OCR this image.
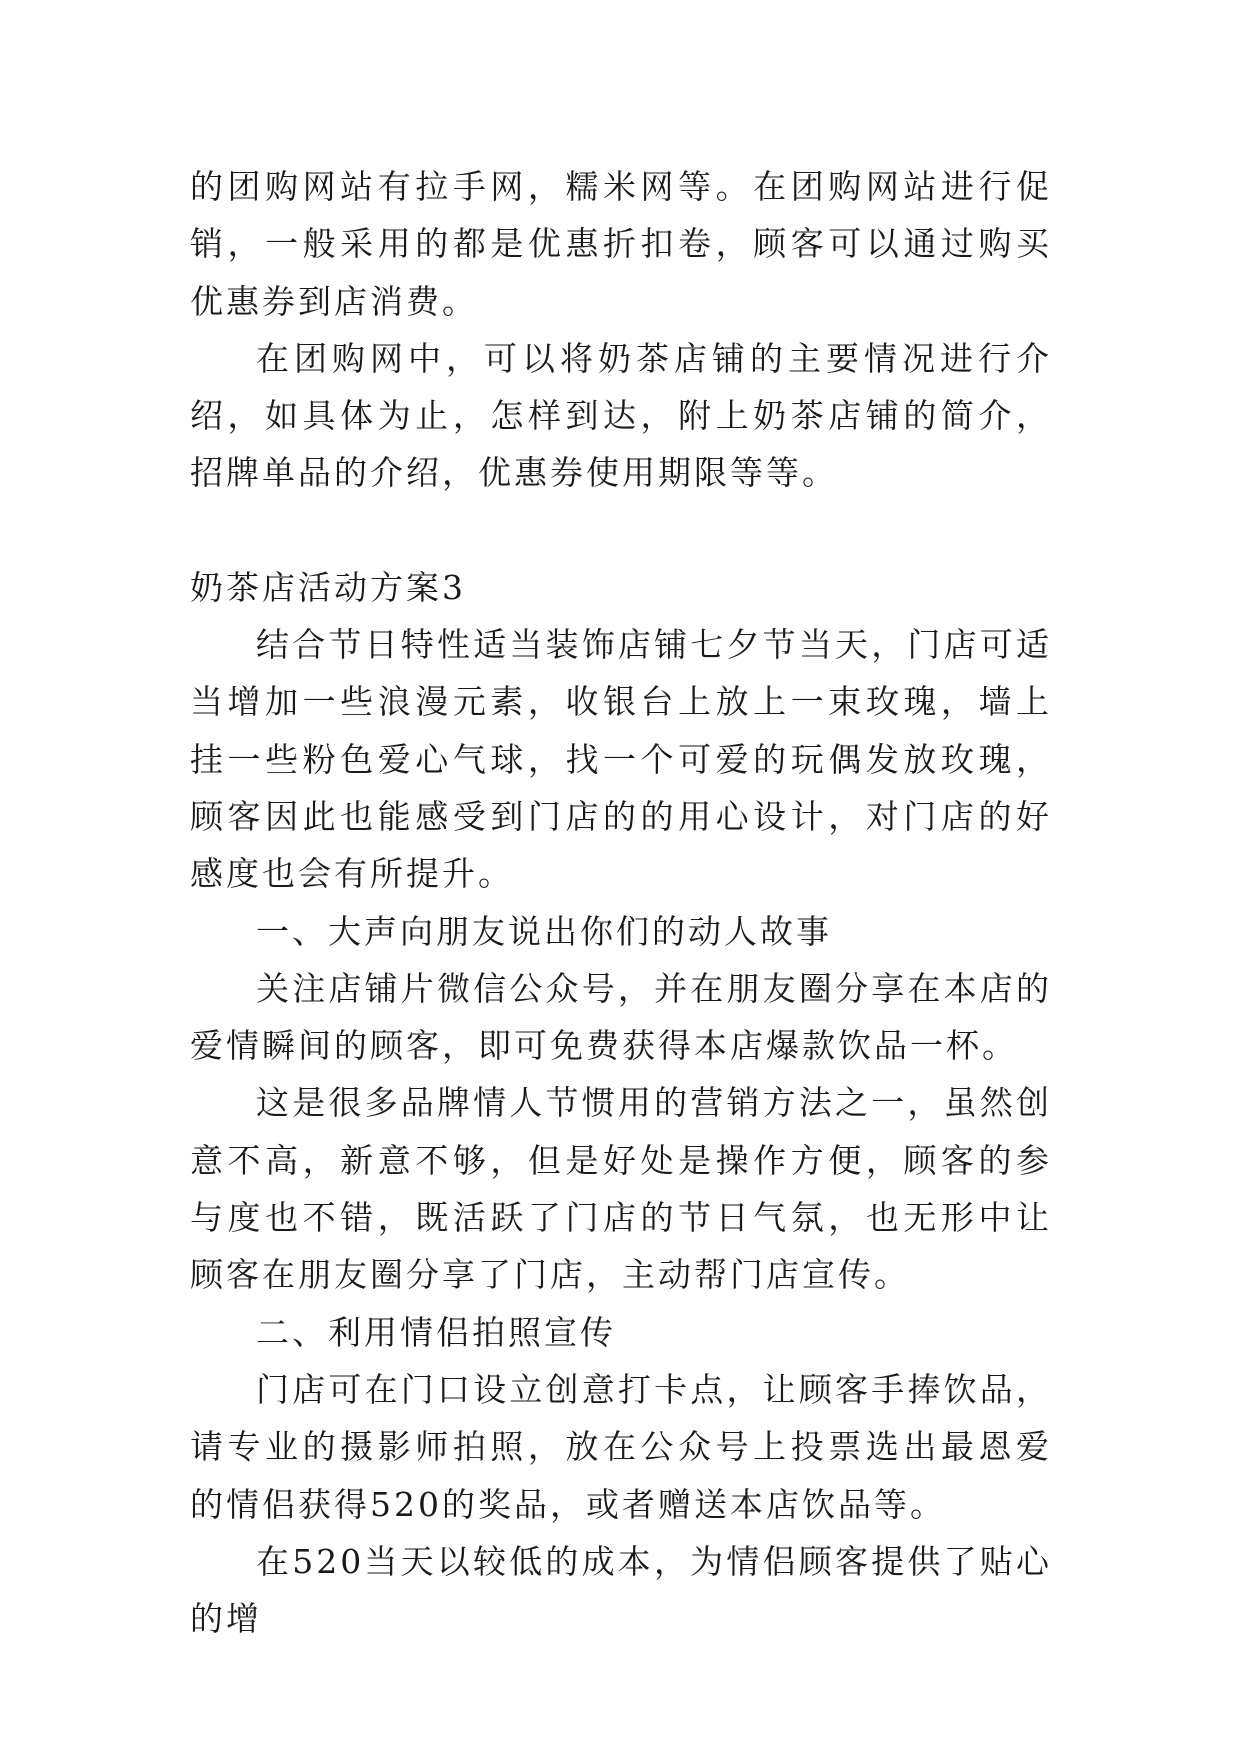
的团购网站有拉手网，糯米网等。在团购网站进行促销，一般采用的都是优惠折扣卷，顾客可以通过购买优惠券到店消费。

在团购网中，可以将奶茶店铺的主要情况进行介绍，如具体为止，怎样到达，附上奶茶店铺的简介，招牌单品的介绍，优惠券使用期限等等。

奶茶店活动方案3

结合节日特性适当装饰店铺七夕节当天，门店可适当增加一些浪漫元素，收银台上放上一束玫瑰，墙上挂一些粉色爱心气球，找一个可爱的玩偶发放玫瑰，顾客因此也能感受到门店的的用心设计，对门店的好感度也会有所提升。

一、大声向朋友说出你们的动人故事

关注店铺片微信公众号，并在朋友圈分享在本店的爱情瞬间的顾客，即可免费获得本店爆款饮品一杯。

这是很多品牌情人节惯用的营销方法之一，虽然创意不高，新意不够，但是好处是操作方便，顾客的参与度也不错，既活跃了门店的节日气氛，也无形中让顾客在朋友圈分享了门店，主动帮门店宣传。

二、利用情侣拍照宣传

门店可在门口设立创意打卡点，让顾客手捧饮品，请专业的摄影师拍照，放在公众号上投票选出最恩爱的情侣获得520的奖品，或者赠送本店饮品等。

在520当天以较低的成本，为情侣顾客提供了贴心的增
